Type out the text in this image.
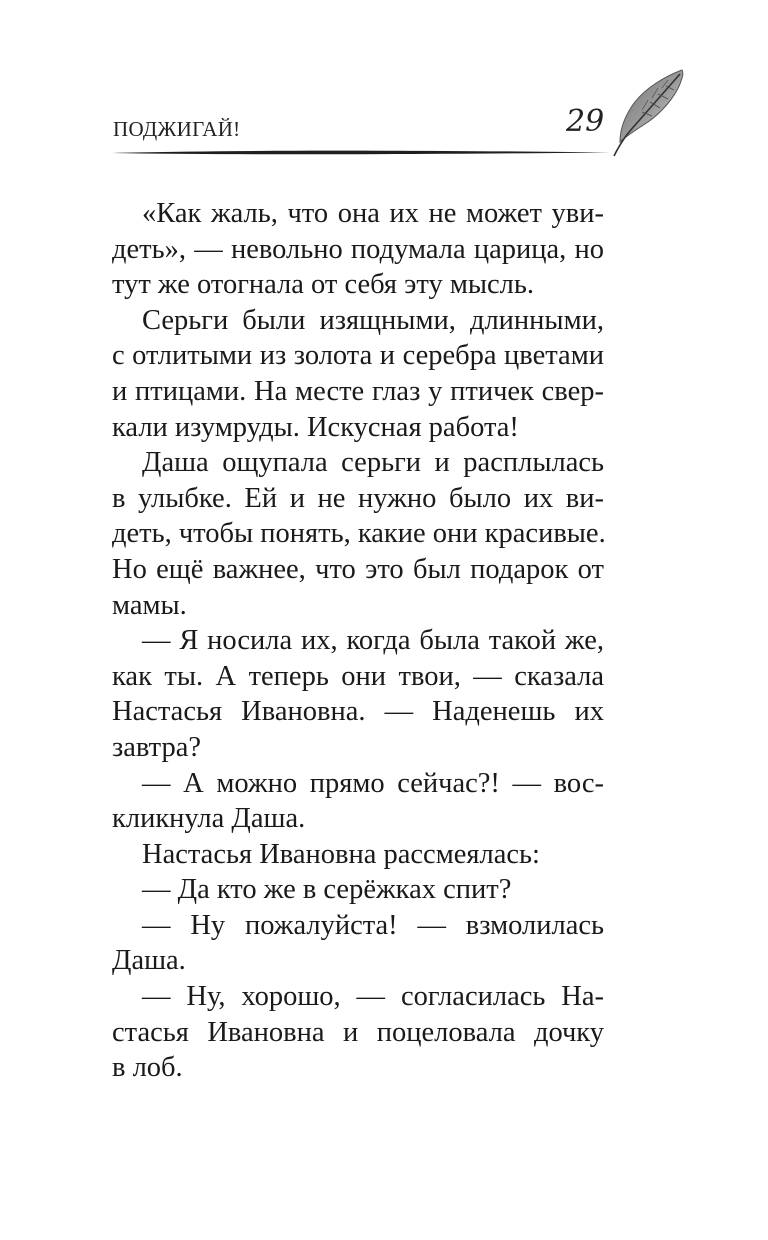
ПОДЖИГАЙ!	29
«Как жаль, что она их не может уви-
деть», — невольно подумала царица, но
тут же отогнала от себя эту мысль.
Серьги были изящными, длинными,
с отлитыми из золота и серебра цветами
и птицами. На месте глаз у птичек свер-
кали изумруды. Искусная работа!
Даша ощупала серьги и расплылась
в улыбке. Ей и не нужно было их ви-
деть, чтобы понять, какие они красивые.
Но ещё важнее, что это был подарок от
мамы.
— Я носила их, когда была такой же,
как ты. А теперь они твои, — сказала
Настасья Ивановна. — Наденешь их
завтра?
— А можно прямо сейчас?! — вос-
кликнула Даша.
Настасья Ивановна рассмеялась:
— Да кто же в серёжках спит?
— Ну пожалуйста! — взмолилась
Даша.
— Ну, хорошо, — согласилась На-
стасья Ивановна и поцеловала дочку
в лоб.
